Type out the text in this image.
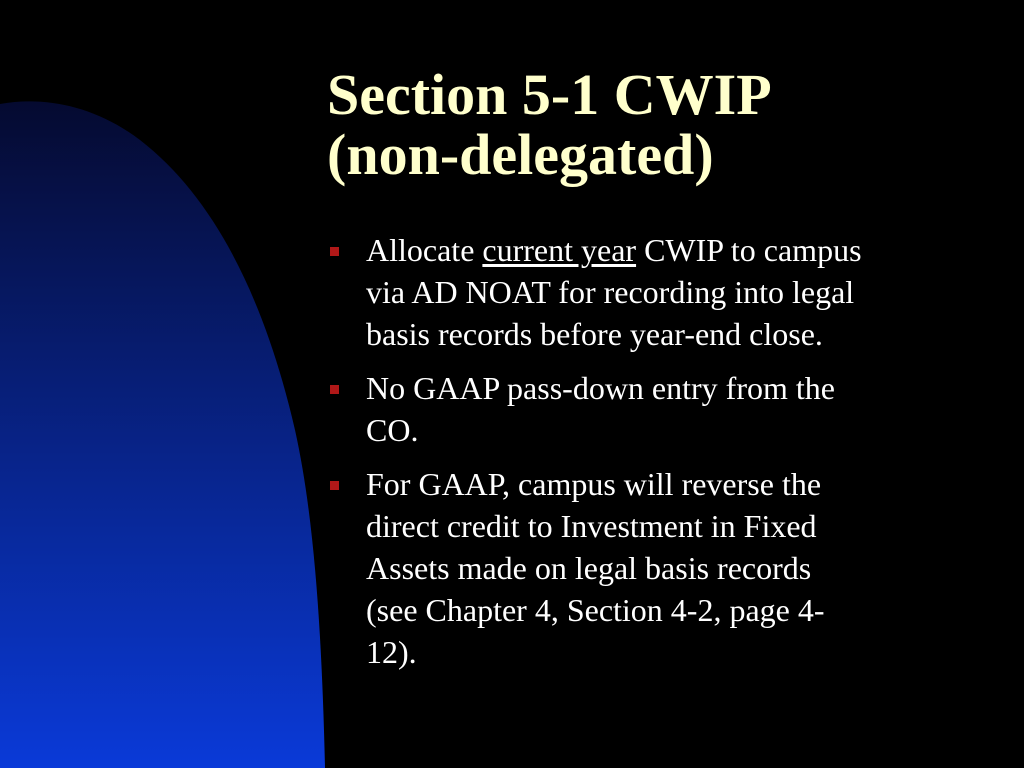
Section 5-1 CWIP
(non-delegated)
Allocate current year CWIP to campus
via AD NOAT for recording into legal
basis records before year-end close.
No GAAP pass-down entry from the
CO.
For GAAP, campus will reverse the
direct credit to Investment in Fixed
Assets made on legal basis records
(see Chapter 4, Section 4-2, page 4-
12).
